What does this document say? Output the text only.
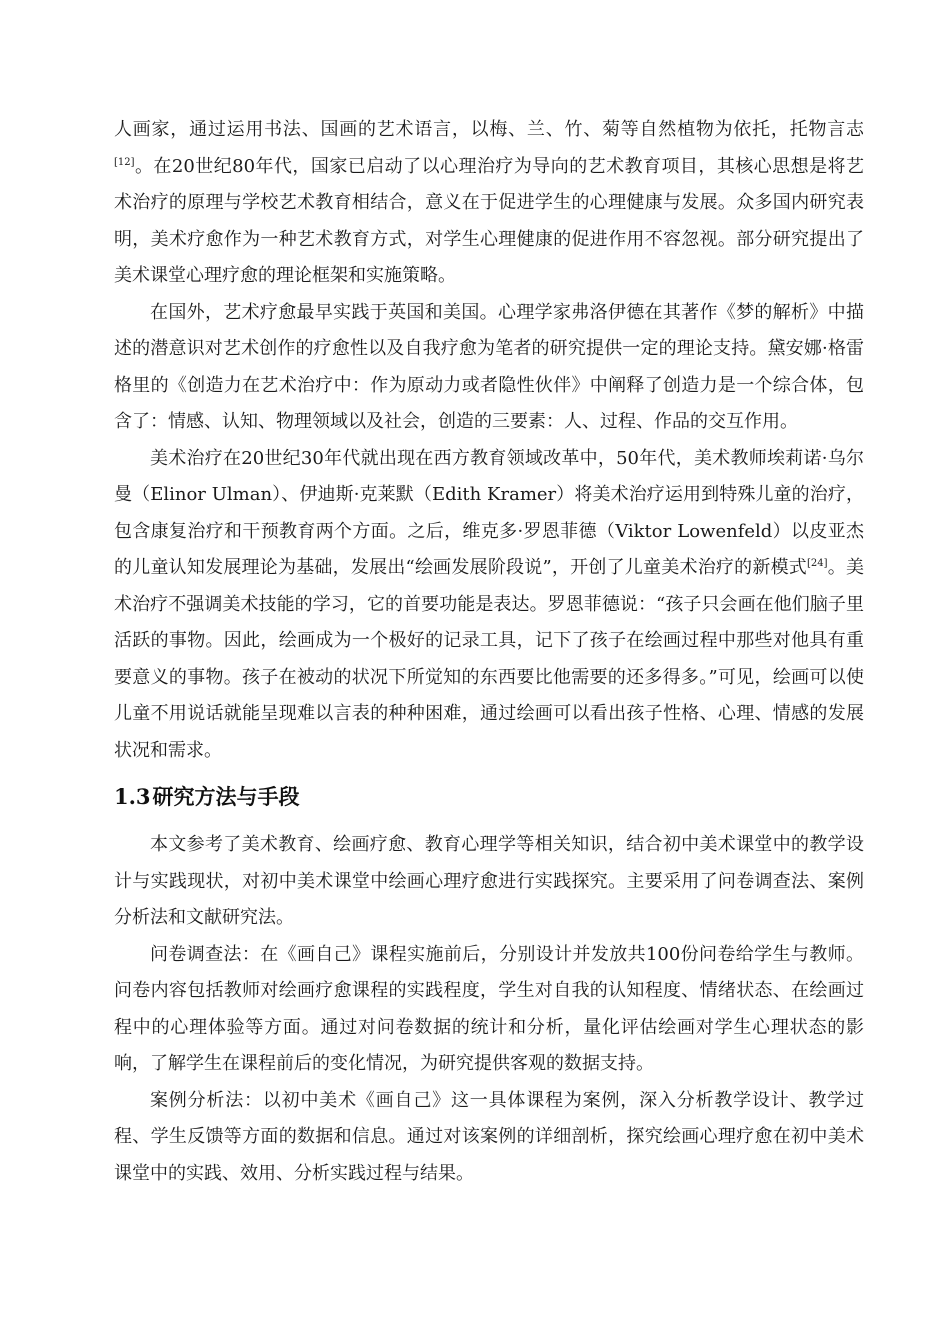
人画家，通过运用书法、国画的艺术语言，以梅、兰、竹、菊等自然植物为依托，托物言志[12]。在20世纪80年代，国家已启动了以心理治疗为导向的艺术教育项目，其核心思想是将艺术治疗的原理与学校艺术教育相结合，意义在于促进学生的心理健康与发展。众多国内研究表明，美术疗愈作为一种艺术教育方式，对学生心理健康的促进作用不容忽视。部分研究提出了美术课堂心理疗愈的理论框架和实施策略。

在国外，艺术疗愈最早实践于英国和美国。心理学家弗洛伊德在其著作《梦的解析》中描述的潜意识对艺术创作的疗愈性以及自我疗愈为笔者的研究提供一定的理论支持。黛安娜·格雷格里的《创造力在艺术治疗中：作为原动力或者隐性伙伴》中阐释了创造力是一个综合体，包含了：情感、认知、物理领域以及社会，创造的三要素：人、过程、作品的交互作用。

美术治疗在20世纪30年代就出现在西方教育领域改革中，50年代，美术教师埃莉诺·乌尔曼（Elinor Ulman）、伊迪斯·克莱默（Edith Kramer）将美术治疗运用到特殊儿童的治疗，包含康复治疗和干预教育两个方面。之后，维克多·罗恩菲德（Viktor Lowenfeld）以皮亚杰的儿童认知发展理论为基础，发展出“绘画发展阶段说”，开创了儿童美术治疗的新模式[24]。美术治疗不强调美术技能的学习，它的首要功能是表达。罗恩菲德说：“孩子只会画在他们脑子里活跃的事物。因此，绘画成为一个极好的记录工具，记下了孩子在绘画过程中那些对他具有重要意义的事物。孩子在被动的状况下所觉知的东西要比他需要的还多得多。”可见，绘画可以使儿童不用说话就能呈现难以言表的种种困难，通过绘画可以看出孩子性格、心理、情感的发展状况和需求。

1.3研究方法与手段

本文参考了美术教育、绘画疗愈、教育心理学等相关知识，结合初中美术课堂中的教学设计与实践现状，对初中美术课堂中绘画心理疗愈进行实践探究。主要采用了问卷调查法、案例分析法和文献研究法。

问卷调查法：在《画自己》课程实施前后，分别设计并发放共100份问卷给学生与教师。问卷内容包括教师对绘画疗愈课程的实践程度，学生对自我的认知程度、情绪状态、在绘画过程中的心理体验等方面。通过对问卷数据的统计和分析，量化评估绘画对学生心理状态的影响，了解学生在课程前后的变化情况，为研究提供客观的数据支持。

案例分析法：以初中美术《画自己》这一具体课程为案例，深入分析教学设计、教学过程、学生反馈等方面的数据和信息。通过对该案例的详细剖析，探究绘画心理疗愈在初中美术课堂中的实践、效用、分析实践过程与结果。
